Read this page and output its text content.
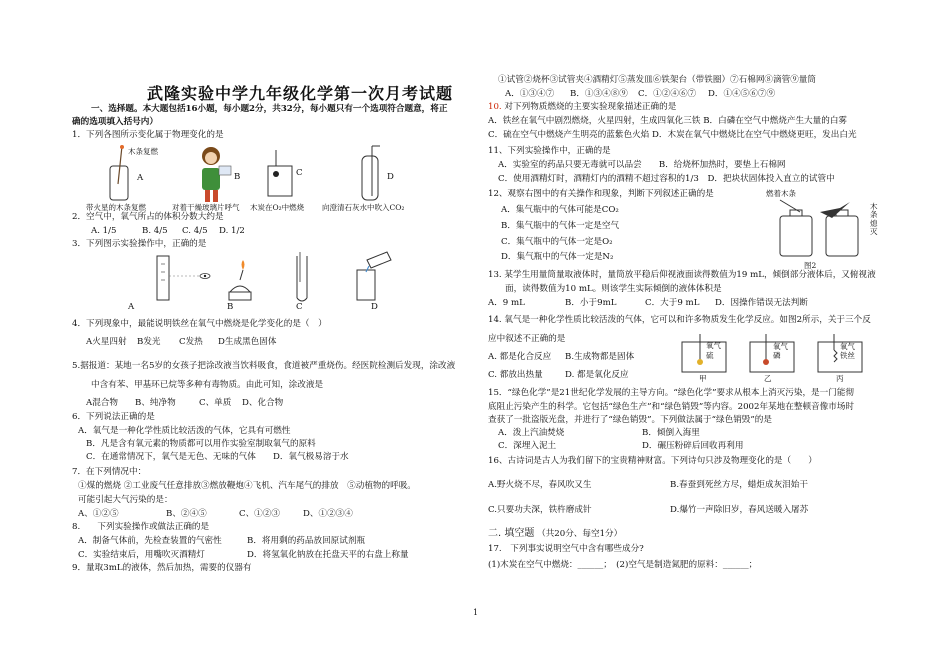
武隆实验中学九年级化学第一次月考试题
一、选择题。本大题包括16小题，每小题2分，共32分，每小题只有一个选项符合题意，将正
确的选项填入括号内）
1．下列各图所示变化属于物理变化的是
木条复燃
A	B	C	D
带火星的木条复燃	对着干燥玻璃片呼气 木炭在O₂中燃烧 向澄清石灰水中吹入CO₂
2．空气中，氧气所占的体积分数大约是
A. 1/5	B. 4/5 C. 4/5 D. 1/2
3．下列图示实验操作中，正确的是
A	B	C	D
4．下列现象中，最能说明铁丝在氧气中燃烧是化学变化的是（　）
A火星四射 B发光 C发热 D生成黑色固体
5.据报道：某地一名5岁的女孩子把涂改液当饮料吸食，食道被严重烧伤。经医院检测后发现，涂改液
中含有苯、甲基环已烷等多种有毒物质。由此可知，涂改液是
A混合物 B、纯净物	C、单质 D、化合物
6．下列说法正确的是
A．氧气是一种化学性质比较活泼的气体，它具有可燃性
B．凡是含有氧元素的物质都可以用作实验室制取氧气的原料
C．在通常情况下，氧气是无色、无味的气体 D．氧气极易溶于水
7．在下列情况中：
①煤的燃烧 ②工业废气任意排放③燃放鞭炮④飞机、汽车尾气的排放　⑤动植物的呼吸。
可能引起大气污染的是：
A、①②⑤	B、②④⑤	C、①②③	D、①②③④
8.　　下列实验操作或做法正确的是
A．制备气体前，先检查装置的气密性	B．将用剩的药品放回原试剂瓶
C．实验结束后，用嘴吹灭酒精灯	D．将氢氧化钠放在托盘天平的右盘上称量
9．量取3mL的液体，然后加热，需要的仪器有
①试管②烧杯③试管夹④酒精灯⑤蒸发皿⑥铁架台（带铁圈）⑦石棉网⑧滴管⑨量筒
A．①③④⑦ B．①③④⑧⑨ C．①②④⑥⑦ D．①④⑤⑥⑦⑨
10. 对下列物质燃烧的主要实验现象描述正确的是
A．铁丝在氧气中剧烈燃烧，火星四射，生成四氧化三铁 B．白磷在空气中燃烧产生大量的白雾
C．硫在空气中燃烧产生明亮的蓝紫色火焰 D．木炭在氧气中燃烧比在空气中燃烧更旺，发出白光
11、下列实验操作中，正确的是
A．实验室的药品只要无毒就可以品尝　　B．给烧杯加热时，要垫上石棉网
C．使用酒精灯时，酒精灯内的酒精不超过容积的1/3　D．把块状固体投入直立的试管中
12、观察右图中的有关操作和现象，判断下列叙述正确的是
A．集气瓶中的气体可能是CO₂
B．集气瓶中的气体一定是空气
C．集气瓶中的气体一定是O₂
D．集气瓶中的气体一定是N₂
燃着木条
木条熄灭
图2
13. 某学生用量筒量取液体时，量筒放平稳后仰视液面读得数值为19 mL，倾倒部分液体后，又俯视液
面，读得数值为10 mL。则该学生实际倾倒的液体体积是
A．9 mL	B．小于9mL	C．大于9 mL D．因操作错误无法判断
14. 氧气是一种化学性质比较活泼的气体，它可以和许多物质发生化学反应。如图2所示，关于三个反
应中叙述不正确的是
A. 都是化合反应 B.生成物都是固体
C. 都放出热量	D. 都是氧化反应
氧气
硫
氧气
磷
氧气
铁丝
甲	乙	丙
15．“绿色化学”是21世纪化学发展的主导方向。“绿色化学”要求从根本上消灭污染，是一门能彻
底阻止污染产生的科学。它包括“绿色生产”和“绿色销毁”等内容。2002年某地在整顿音像市场时
查获了一批盗版光盘，并进行了“绿色销毁”。下列做法属于“绿色销毁”的是
A．泼上汽油焚烧	B．倾倒入海里
C．深埋入泥土	D．碾压粉碎后回收再利用
16、古诗词是古人为我们留下的宝贵精神财富。下列诗句只涉及物理变化的是（　　）
A.野火烧不尽，春风吹又生	B.春蚕到死丝方尽，蜡炬成灰泪始干
C.只要功夫深，铁杵磨成针	D.爆竹一声除旧岁，春风送暖入屠苏
二. 填空题 （共20分、每空1分）
17.　下列事实说明空气中含有哪些成分?
(1)木炭在空气中燃烧：______；　(2)空气是制造氮肥的原料：______；
1
